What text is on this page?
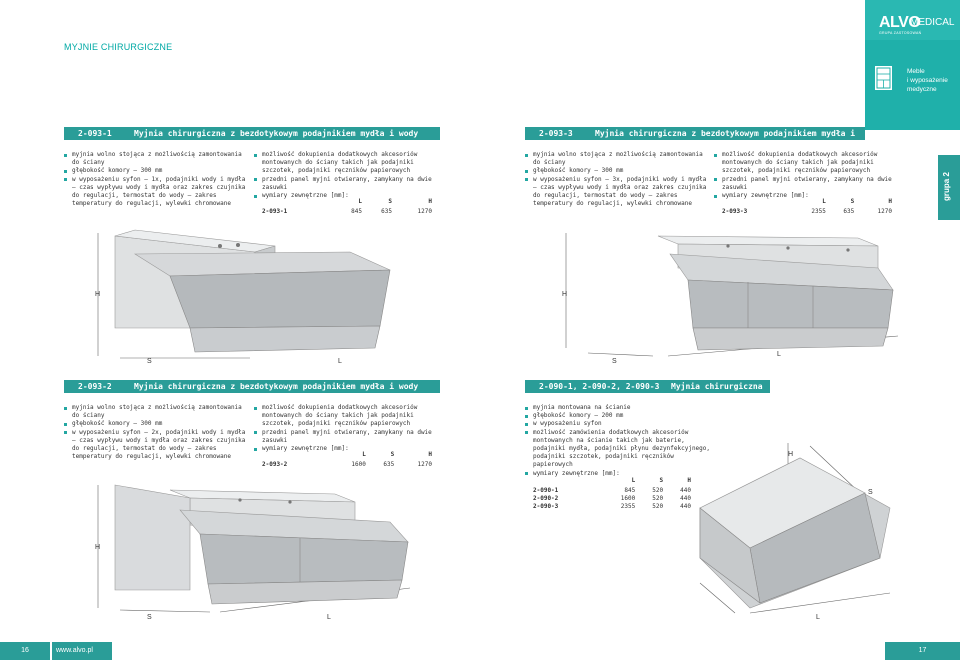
MYJNIE CHIRURGICZNE
ALVO
MEDICAL
GRUPA ZASTOSOWAŃ
Meble
i wyposażenie
medyczne
grupa 2
2-093-1	Myjnia chirurgiczna z bezdotykowym podajnikiem mydła i wody
myjnia wolno stojąca z możliwością zamontowania do ściany
głębokość komory – 300 mm
w wyposażeniu syfon – 1x, podajniki wody i mydła – czas wypływu wody i mydła oraz zakres czujnika do regulacji, termostat do wody – zakres temperatury do regulacji, wylewki chromowane
możliwość dokupienia dodatkowych akcesoriów montowanych do ściany takich jak podajniki szczotek, podajniki ręczników papierowych
przedni panel myjni otwierany, zamykany na dwie zasuwki
wymiary zewnętrzne [mm]:
	L	S	H
2-093-1	845	635	1270
H
S	L
2-093-3	Myjnia chirurgiczna z bezdotykowym podajnikiem mydła i wody
myjnia wolno stojąca z możliwością zamontowania do ściany
głębokość komory – 300 mm
w wyposażeniu syfon – 3x, podajniki wody i mydła – czas wypływu wody i mydła oraz zakres czujnika do regulacji, termostat do wody – zakres temperatury do regulacji, wylewki chromowane
możliwość dokupienia dodatkowych akcesoriów montowanych do ściany takich jak podajniki szczotek, podajniki ręczników papierowych
przedni panel myjni otwierany, zamykany na dwie zasuwki
wymiary zewnętrzne [mm]:
	L	S	H
2-093-3	2355	635	1270
H
S
L
2-093-2	Myjnia chirurgiczna z bezdotykowym podajnikiem mydła i wody
myjnia wolno stojąca z możliwością zamontowania do ściany
głębokość komory – 300 mm
w wyposażeniu syfon – 2x, podajniki wody i mydła – czas wypływu wody i mydła oraz zakres czujnika do regulacji, termostat do wody – zakres temperatury do regulacji, wylewki chromowane
możliwość dokupienia dodatkowych akcesoriów montowanych do ściany takich jak podajniki szczotek, podajniki ręczników papierowych
przedni panel myjni otwierany, zamykany na dwie zasuwki
wymiary zewnętrzne [mm]:
	L	S	H
2-093-2	1600	635	1270
H
S	L
2-090-1, 2-090-2, 2-090-3	Myjnia chirurgiczna
myjnia montowana na ścianie
głębokość komory – 200 mm
w wyposażeniu syfon
możliwość zamówienia dodatkowych akcesoriów montowanych na ścianie takich jak baterie, podajniki mydła, podajniki płynu dezynfekcyjnego, podajniki szczotek, podajniki ręczników papierowych
wymiary zewnętrzne [mm]:
	L	S	H
2-090-1	845	520	440
2-090-2	1600	520	440
2-090-3	2355	520	440
H
S
L
16	www.alvo.pl	17
